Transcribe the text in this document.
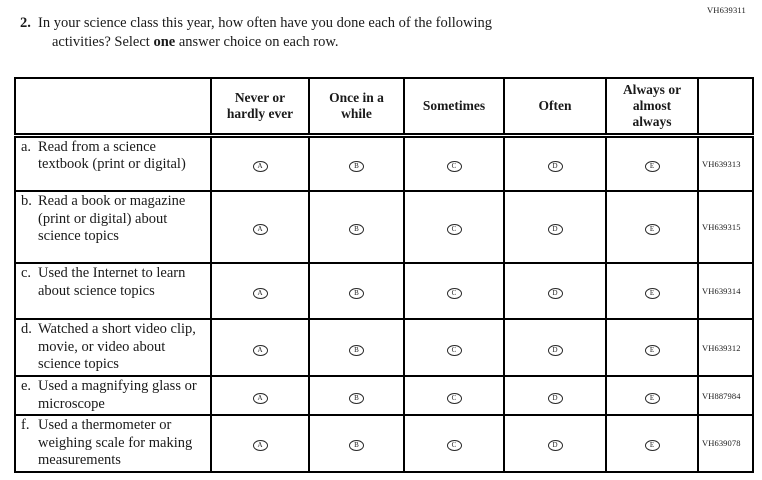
VH639311
2. In your science class this year, how often have you done each of the following
activities? Select one answer choice on each row.
	Never or hardly ever	Once in a while	Sometimes	Often	Always or almost always	

a. Read from a science textbook (print or digital)	A	B	C	D	E	VH639313

b. Read a book or magazine (print or digital) about science topics	A	B	C	D	E	VH639315

c. Used the Internet to learn about science topics	A	B	C	D	E	VH639314

d. Watched a short video clip, movie, or video about science topics	A	B	C	D	E	VH639312

e. Used a magnifying glass or microscope	A	B	C	D	E	VH887984

f. Used a thermometer or weighing scale for making measurements	A	B	C	D	E	VH639078
